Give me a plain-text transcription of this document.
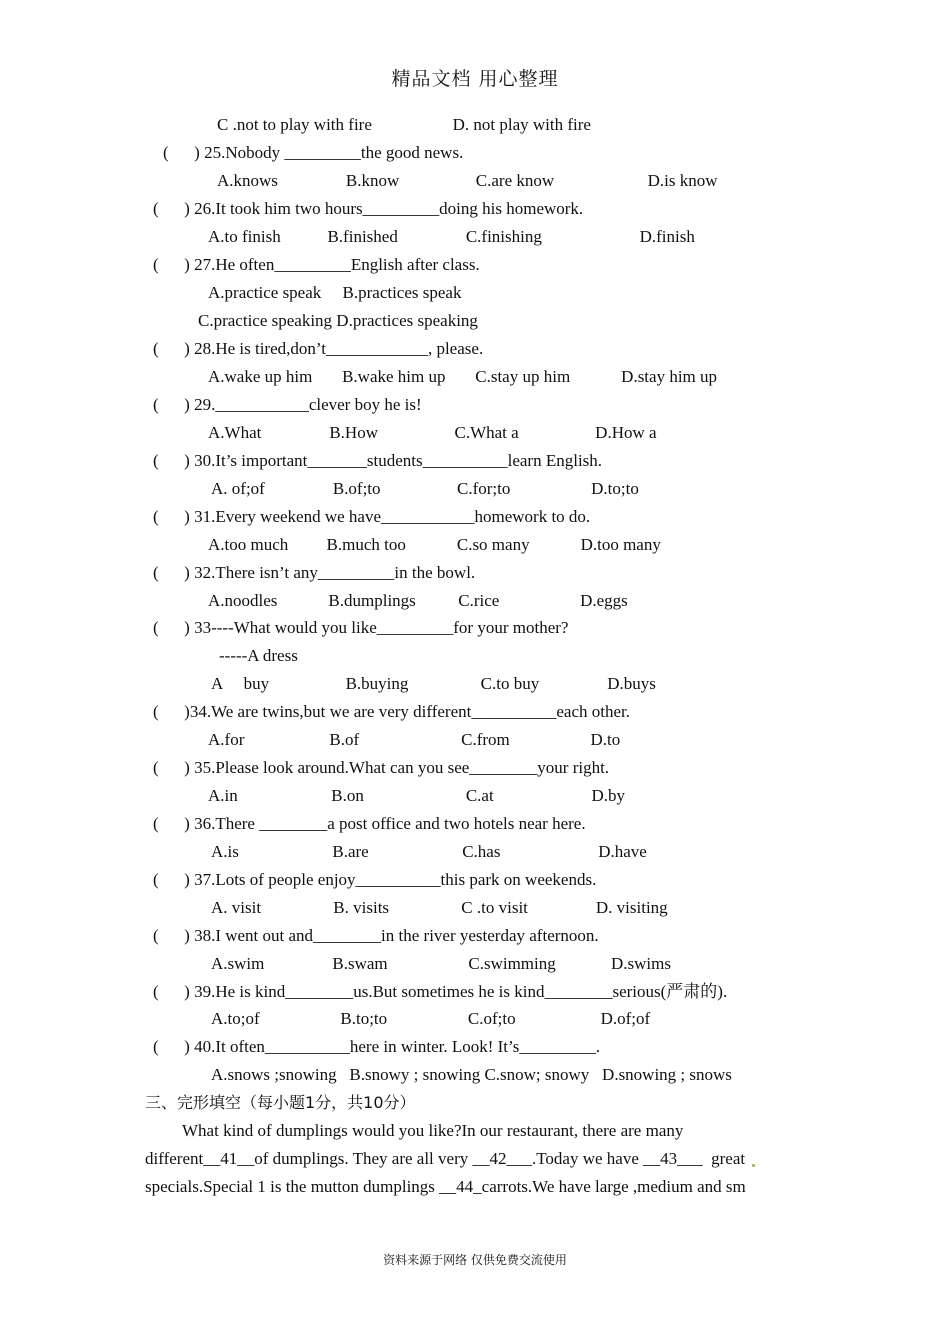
精品文档 用心整理
C .not to play with fire                   D. not play with fire
(      ) 25.Nobody _________the good news.
A.knows                B.know                  C.are know                      D.is know
(      ) 26.It took him two hours_________doing his homework.
A.to finish           B.finished                C.finishing                       D.finish
(      ) 27.He often_________English after class.
A.practice speak     B.practices speak
C.practice speaking D.practices speaking
(      ) 28.He is tired,don’t____________, please.
A.wake up him       B.wake him up       C.stay up him            D.stay him up
(      ) 29.___________clever boy he is!
A.What                B.How                  C.What a                  D.How a
(      ) 30.It’s important_______students__________learn English.
A. of;of                B.of;to                  C.for;to                   D.to;to
(      ) 31.Every weekend we have___________homework to do.
A.too much         B.much too            C.so many            D.too many
(      ) 32.There isn’t any_________in the bowl.
A.noodles            B.dumplings          C.rice                   D.eggs
(      ) 33----What would you like_________for your mother?
-----A dress
A     buy                  B.buying                 C.to buy                D.buys
(      )34.We are twins,but we are very different__________each other.
A.for                    B.of                        C.from                   D.to
(      ) 35.Please look around.What can you see________your right.
A.in                      B.on                        C.at                       D.by
(      ) 36.There ________a post office and two hotels near here.
A.is                      B.are                      C.has                       D.have
(      ) 37.Lots of people enjoy__________this park on weekends.
A. visit                 B. visits                 C .to visit                D. visiting
(      ) 38.I went out and________in the river yesterday afternoon.
A.swim                B.swam                   C.swimming             D.swims
(      ) 39.He is kind________us.But sometimes he is kind________serious(严肃的).
A.to;of                   B.to;to                   C.of;to                    D.of;of
(      ) 40.It often__________here in winter. Look! It’s_________.
A.snows ;snowing   B.snowy ; snowing C.snow; snowy   D.snowing ; snows
三、完形填空（每小题1分，共10分）
What kind of dumplings would you like?In our restaurant, there are many
different__41__of dumplings. They are all very __42___.Today we have __43___  great
specials.Special 1 is the mutton dumplings __44_carrots.We have large ,medium and sm
资料来源于网络 仅供免费交流使用
